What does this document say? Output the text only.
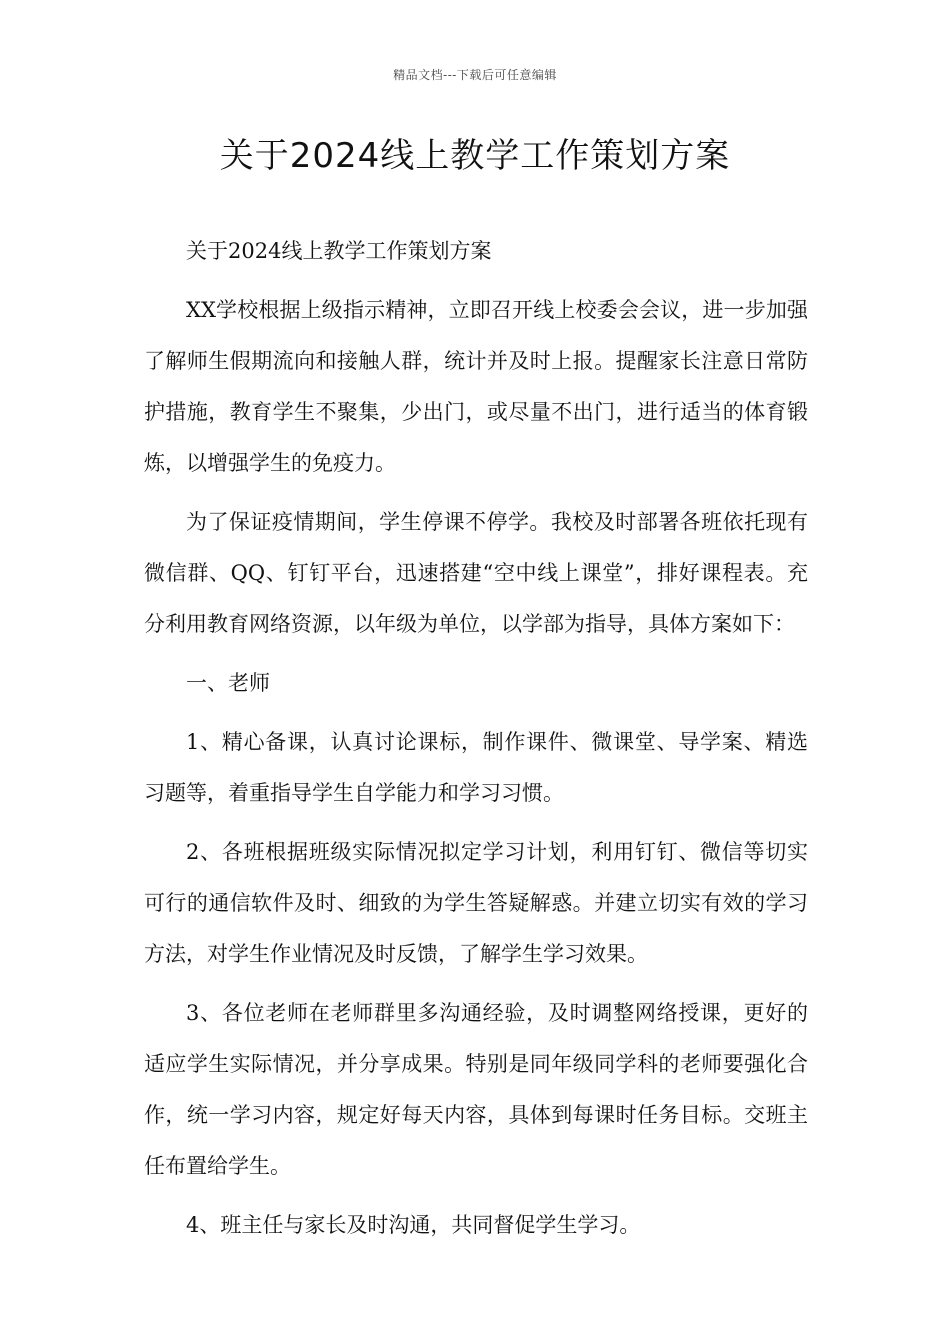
精品文档---下载后可任意编辑
关于2024线上教学工作策划方案

关于2024线上教学工作策划方案

XX学校根据上级指示精神，立即召开线上校委会会议，进一步加强了解师生假期流向和接触人群，统计并及时上报。提醒家长注意日常防护措施，教育学生不聚集，少出门，或尽量不出门，进行适当的体育锻炼，以增强学生的免疫力。

为了保证疫情期间，学生停课不停学。我校及时部署各班依托现有微信群、QQ、钉钉平台，迅速搭建“空中线上课堂”，排好课程表。充分利用教育网络资源，以年级为单位，以学部为指导，具体方案如下：

一、老师

1、精心备课，认真讨论课标，制作课件、微课堂、导学案、精选习题等，着重指导学生自学能力和学习习惯。

2、各班根据班级实际情况拟定学习计划，利用钉钉、微信等切实可行的通信软件及时、细致的为学生答疑解惑。并建立切实有效的学习方法，对学生作业情况及时反馈，了解学生学习效果。

3、各位老师在老师群里多沟通经验，及时调整网络授课，更好的适应学生实际情况，并分享成果。特别是同年级同学科的老师要强化合作，统一学习内容，规定好每天内容，具体到每课时任务目标。交班主任布置给学生。

4、班主任与家长及时沟通，共同督促学生学习。
